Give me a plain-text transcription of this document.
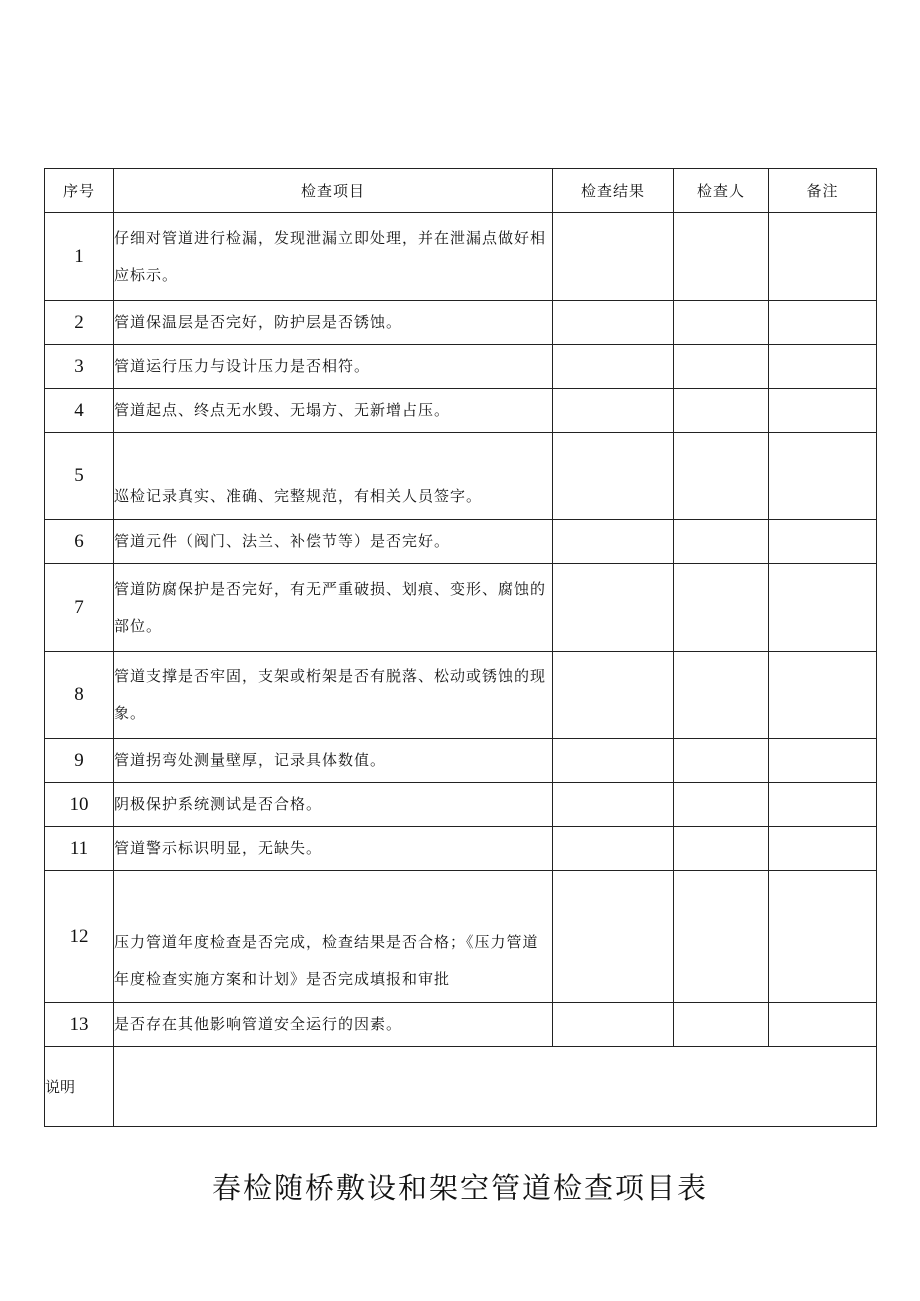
序号	检查项目	检查结果	检查人	备注
1	仔细对管道进行检漏，发现泄漏立即处理，并在泄漏点做好相应标示。			
2	管道保温层是否完好，防护层是否锈蚀。			
3	管道运行压力与设计压力是否相符。			
4	管道起点、终点无水毁、无塌方、无新增占压。			
5	巡检记录真实、准确、完整规范，有相关人员签字。			
6	管道元件（阀门、法兰、补偿节等）是否完好。			
7	管道防腐保护是否完好，有无严重破损、划痕、变形、腐蚀的部位。			
8	管道支撑是否牢固，支架或桁架是否有脱落、松动或锈蚀的现象。			
9	管道拐弯处测量壁厚，记录具体数值。			
10	阴极保护系统测试是否合格。			
11	管道警示标识明显，无缺失。			
12	压力管道年度检查是否完成，检查结果是否合格；《压力管道年度检查实施方案和计划》是否完成填报和审批			
13	是否存在其他影响管道安全运行的因素。			
说明				
春检随桥敷设和架空管道检查项目表
